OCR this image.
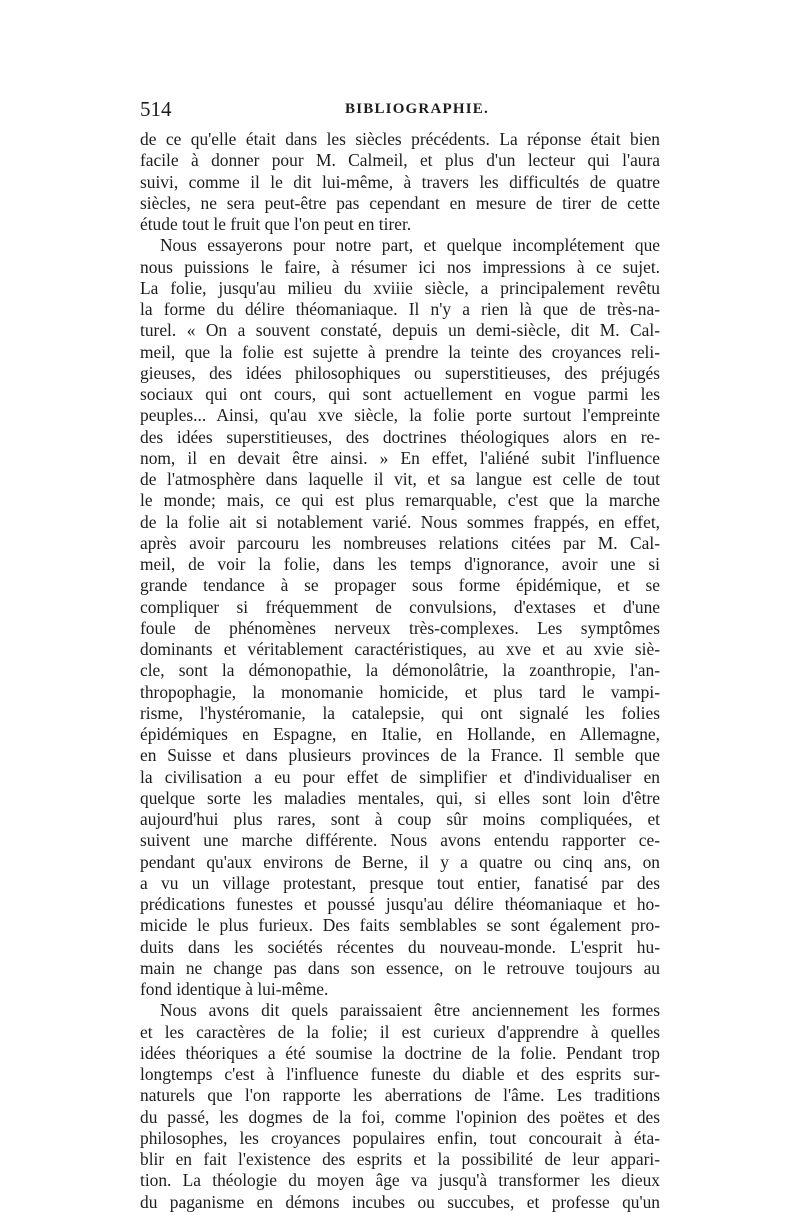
514	BIBLIOGRAPHIE.
de ce qu'elle était dans les siècles précédents. La réponse était bien
facile à donner pour M. Calmeil, et plus d'un lecteur qui l'aura
suivi, comme il le dit lui-même, à travers les difficultés de quatre
siècles, ne sera peut-être pas cependant en mesure de tirer de cette
étude tout le fruit que l'on peut en tirer.
Nous essayerons pour notre part, et quelque incomplétement que
nous puissions le faire, à résumer ici nos impressions à ce sujet.
La folie, jusqu'au milieu du xviiie siècle, a principalement revêtu
la forme du délire théomaniaque. Il n'y a rien là que de très-na-
turel. « On a souvent constaté, depuis un demi-siècle, dit M. Cal-
meil, que la folie est sujette à prendre la teinte des croyances reli-
gieuses, des idées philosophiques ou superstitieuses, des préjugés
sociaux qui ont cours, qui sont actuellement en vogue parmi les
peuples... Ainsi, qu'au xve siècle, la folie porte surtout l'empreinte
des idées superstitieuses, des doctrines théologiques alors en re-
nom, il en devait être ainsi. » En effet, l'aliéné subit l'influence
de l'atmosphère dans laquelle il vit, et sa langue est celle de tout
le monde; mais, ce qui est plus remarquable, c'est que la marche
de la folie ait si notablement varié. Nous sommes frappés, en effet,
après avoir parcouru les nombreuses relations citées par M. Cal-
meil, de voir la folie, dans les temps d'ignorance, avoir une si
grande tendance à se propager sous forme épidémique, et se
compliquer si fréquemment de convulsions, d'extases et d'une
foule de phénomènes nerveux très-complexes. Les symptômes
dominants et véritablement caractéristiques, au xve et au xvie siè-
cle, sont la démonopathie, la démonolâtrie, la zoanthropie, l'an-
thropophagie, la monomanie homicide, et plus tard le vampi-
risme, l'hystéromanie, la catalepsie, qui ont signalé les folies
épidémiques en Espagne, en Italie, en Hollande, en Allemagne,
en Suisse et dans plusieurs provinces de la France. Il semble que
la civilisation a eu pour effet de simplifier et d'individualiser en
quelque sorte les maladies mentales, qui, si elles sont loin d'être
aujourd'hui plus rares, sont à coup sûr moins compliquées, et
suivent une marche différente. Nous avons entendu rapporter ce-
pendant qu'aux environs de Berne, il y a quatre ou cinq ans, on
a vu un village protestant, presque tout entier, fanatisé par des
prédications funestes et poussé jusqu'au délire théomaniaque et ho-
micide le plus furieux. Des faits semblables se sont également pro-
duits dans les sociétés récentes du nouveau-monde. L'esprit hu-
main ne change pas dans son essence, on le retrouve toujours au
fond identique à lui-même.
Nous avons dit quels paraissaient être anciennement les formes
et les caractères de la folie; il est curieux d'apprendre à quelles
idées théoriques a été soumise la doctrine de la folie. Pendant trop
longtemps c'est à l'influence funeste du diable et des esprits sur-
naturels que l'on rapporte les aberrations de l'âme. Les traditions
du passé, les dogmes de la foi, comme l'opinion des poëtes et des
philosophes, les croyances populaires enfin, tout concourait à éta-
blir en fait l'existence des esprits et la possibilité de leur appari-
tion. La théologie du moyen âge va jusqu'à transformer les dieux
du paganisme en démons incubes ou succubes, et professe qu'un
